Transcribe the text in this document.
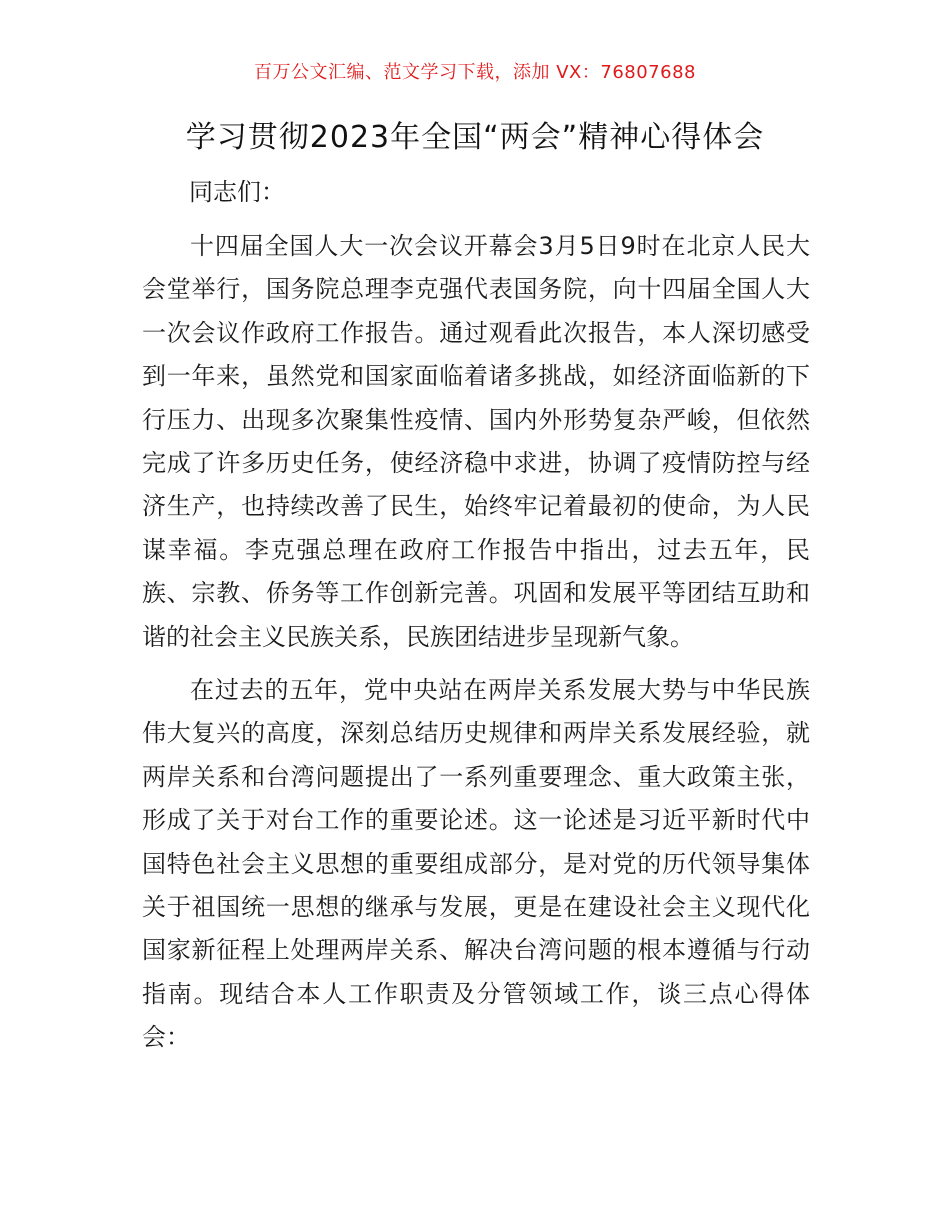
百万公文汇编、范文学习下载，添加 VX：76807688
学习贯彻2023年全国“两会”精神心得体会
同志们：

十四届全国人大一次会议开幕会3月5日9时在北京人民大会堂举行，国务院总理李克强代表国务院，向十四届全国人大一次会议作政府工作报告。通过观看此次报告，本人深切感受到一年来，虽然党和国家面临着诸多挑战，如经济面临新的下行压力、出现多次聚集性疫情、国内外形势复杂严峻，但依然完成了许多历史任务，使经济稳中求进，协调了疫情防控与经济生产，也持续改善了民生，始终牢记着最初的使命，为人民谋幸福。李克强总理在政府工作报告中指出，过去五年，民族、宗教、侨务等工作创新完善。巩固和发展平等团结互助和谐的社会主义民族关系，民族团结进步呈现新气象。

在过去的五年，党中央站在两岸关系发展大势与中华民族伟大复兴的高度，深刻总结历史规律和两岸关系发展经验，就两岸关系和台湾问题提出了一系列重要理念、重大政策主张，形成了关于对台工作的重要论述。这一论述是习近平新时代中国特色社会主义思想的重要组成部分，是对党的历代领导集体关于祖国统一思想的继承与发展，更是在建设社会主义现代化国家新征程上处理两岸关系、解决台湾问题的根本遵循与行动指南。现结合本人工作职责及分管领域工作，谈三点心得体会：
